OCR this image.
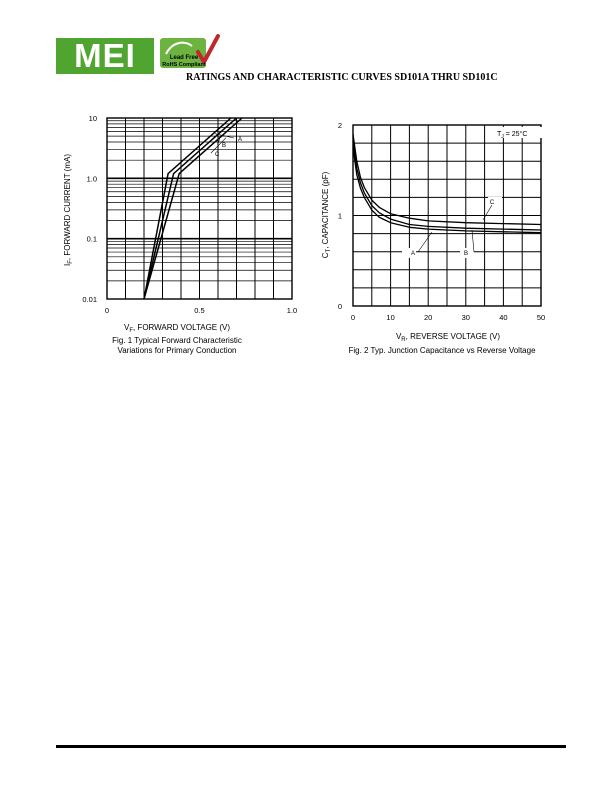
MEI	Lead Free
RoHS Compliant
RATINGS AND CHARACTERISTIC CURVES SD101A THRU SD101C
A
B
C
0	0.5	1.0
0.01
0.1
1.0
10
$V_F$, FORWARD VOLTAGE (V)
Fig. 1 Typical Forward Characteristic
Variations for Primary Conduction
$I_F$, FORWARD CURRENT (mA)	A	B
C
0	10	20	30	40	50
0
1
2
$T_J = 25^\circ C$
$V_R$, REVERSE VOLTAGE (V)
Fig. 2 Typ. Junction Capacitance vs Reverse Voltage
$C_T$, CAPACITANCE (pF)
